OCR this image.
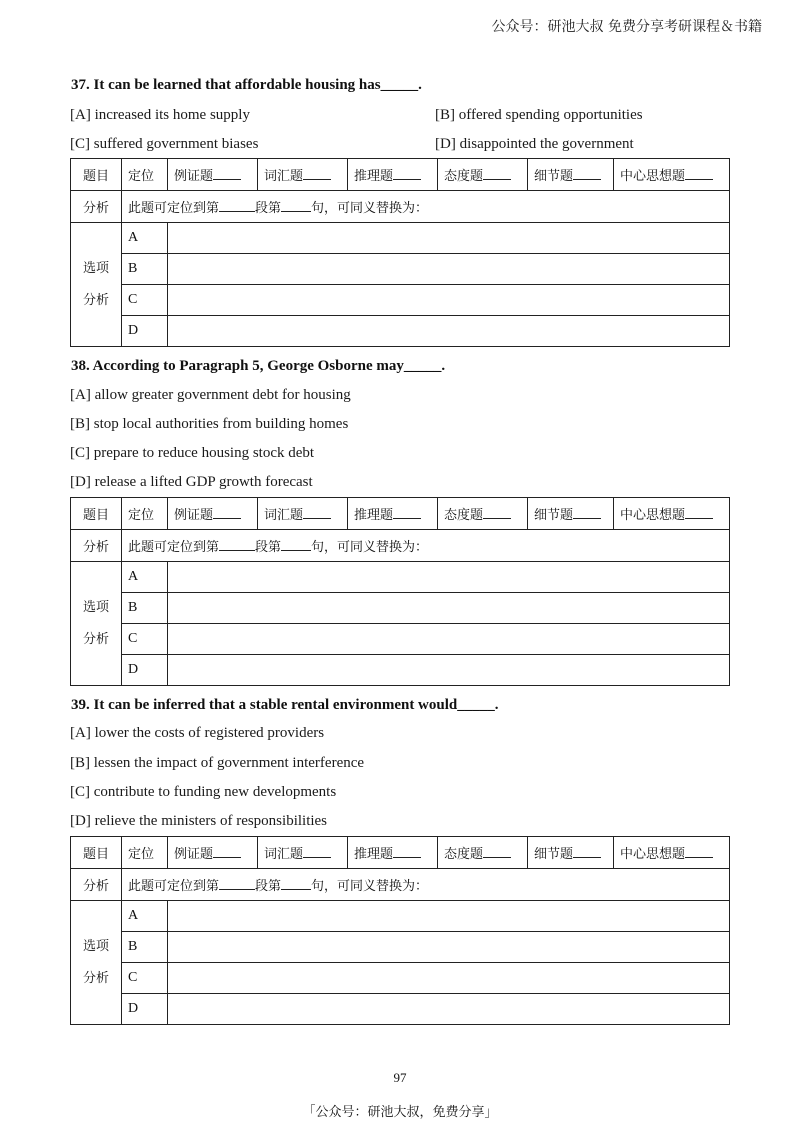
公众号：研池大叔 免费分享考研课程＆书籍
37. It can be learned that affordable housing has_____.
[A] increased its home supply	[B] offered spending opportunities
[C] suffered government biases	[D] disappointed the government
题目	定位	例证题	词汇题	推理题	态度题	细节题	中心思想题
分析	此题可定位到第 段第 句，可同义替换为：						

选项
分析	A						
	B						
	C						
	D						
38. According to Paragraph 5, George Osborne may_____.
[A] allow greater government debt for housing
[B] stop local authorities from building homes
[C] prepare to reduce housing stock debt
[D] release a lifted GDP growth forecast
题目	定位	例证题	词汇题	推理题	态度题	细节题	中心思想题
分析	此题可定位到第 段第 句，可同义替换为：						

选项
分析	A						
	B						
	C						
	D						
39. It can be inferred that a stable rental environment would_____.
[A] lower the costs of registered providers
[B] lessen the impact of government interference
[C] contribute to funding new developments
[D] relieve the ministers of responsibilities
题目	定位	例证题	词汇题	推理题	态度题	细节题	中心思想题
分析	此题可定位到第 段第 句，可同义替换为：						

选项
分析	A						
	B						
	C						
	D						
97
「公众号：研池大叔，免费分享」
